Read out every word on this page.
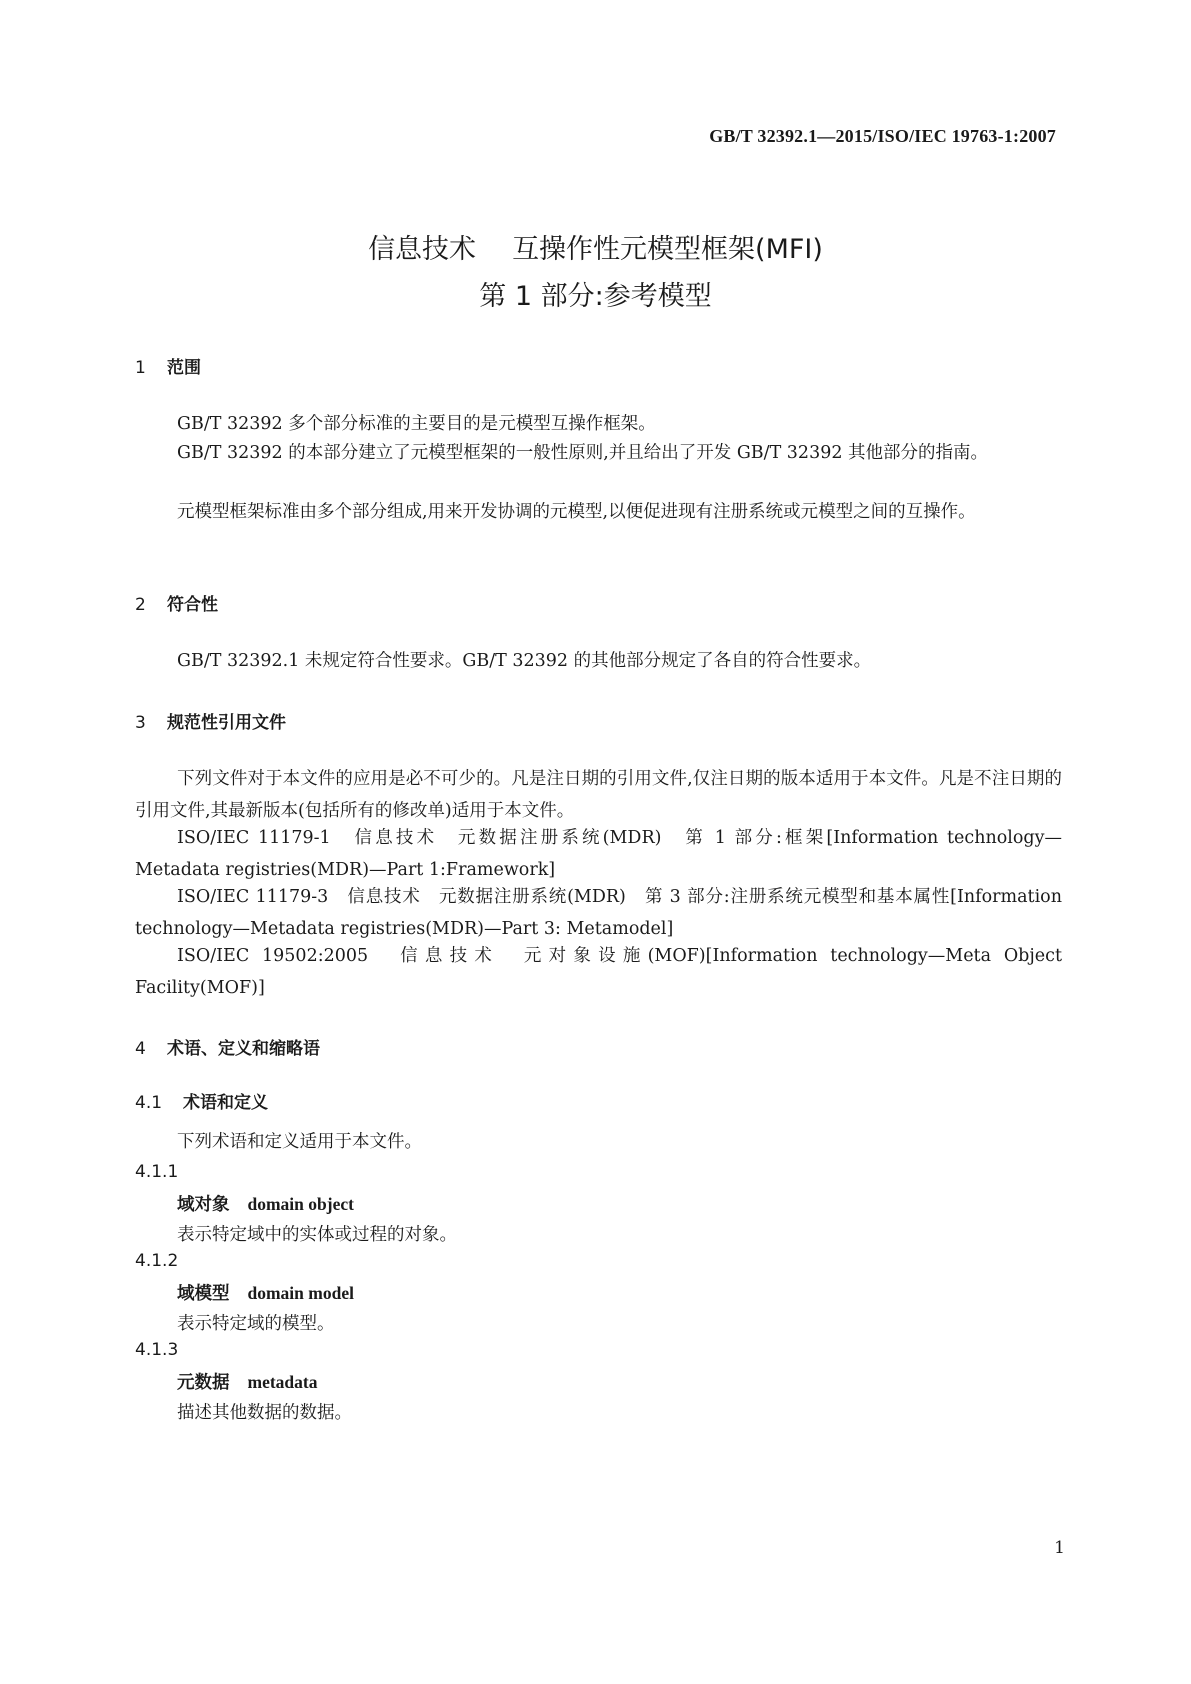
GB/T 32392.1—2015/ISO/IEC 19763-1:2007
信息技术 互操作性元模型框架(MFI)
第 1 部分:参考模型
1 范围
GB/T 32392 多个部分标准的主要目的是元模型互操作框架。
GB/T 32392 的本部分建立了元模型框架的一般性原则,并且给出了开发 GB/T 32392 其他部分的指南。
元模型框架标准由多个部分组成,用来开发协调的元模型,以便促进现有注册系统或元模型之间的互操作。
2 符合性
GB/T 32392.1 未规定符合性要求。GB/T 32392 的其他部分规定了各自的符合性要求。
3 规范性引用文件
下列文件对于本文件的应用是必不可少的。凡是注日期的引用文件,仅注日期的版本适用于本文件。凡是不注日期的引用文件,其最新版本(包括所有的修改单)适用于本文件。
ISO/IEC 11179-1　信息技术　元数据注册系统(MDR)　第 1 部分:框架[Information technology—Metadata registries(MDR)—Part 1:Framework]
ISO/IEC 11179-3　信息技术　元数据注册系统(MDR)　第 3 部分:注册系统元模型和基本属性[Information technology—Metadata registries(MDR)—Part 3: Metamodel]
ISO/IEC 19502:2005　信息技术　元对象设施(MOF)[Information technology—Meta Object Facility(MOF)]
4 术语、定义和缩略语
4.1 术语和定义
下列术语和定义适用于本文件。
4.1.1
域对象 domain object
表示特定域中的实体或过程的对象。
4.1.2
域模型 domain model
表示特定域的模型。
4.1.3
元数据 metadata
描述其他数据的数据。
1
